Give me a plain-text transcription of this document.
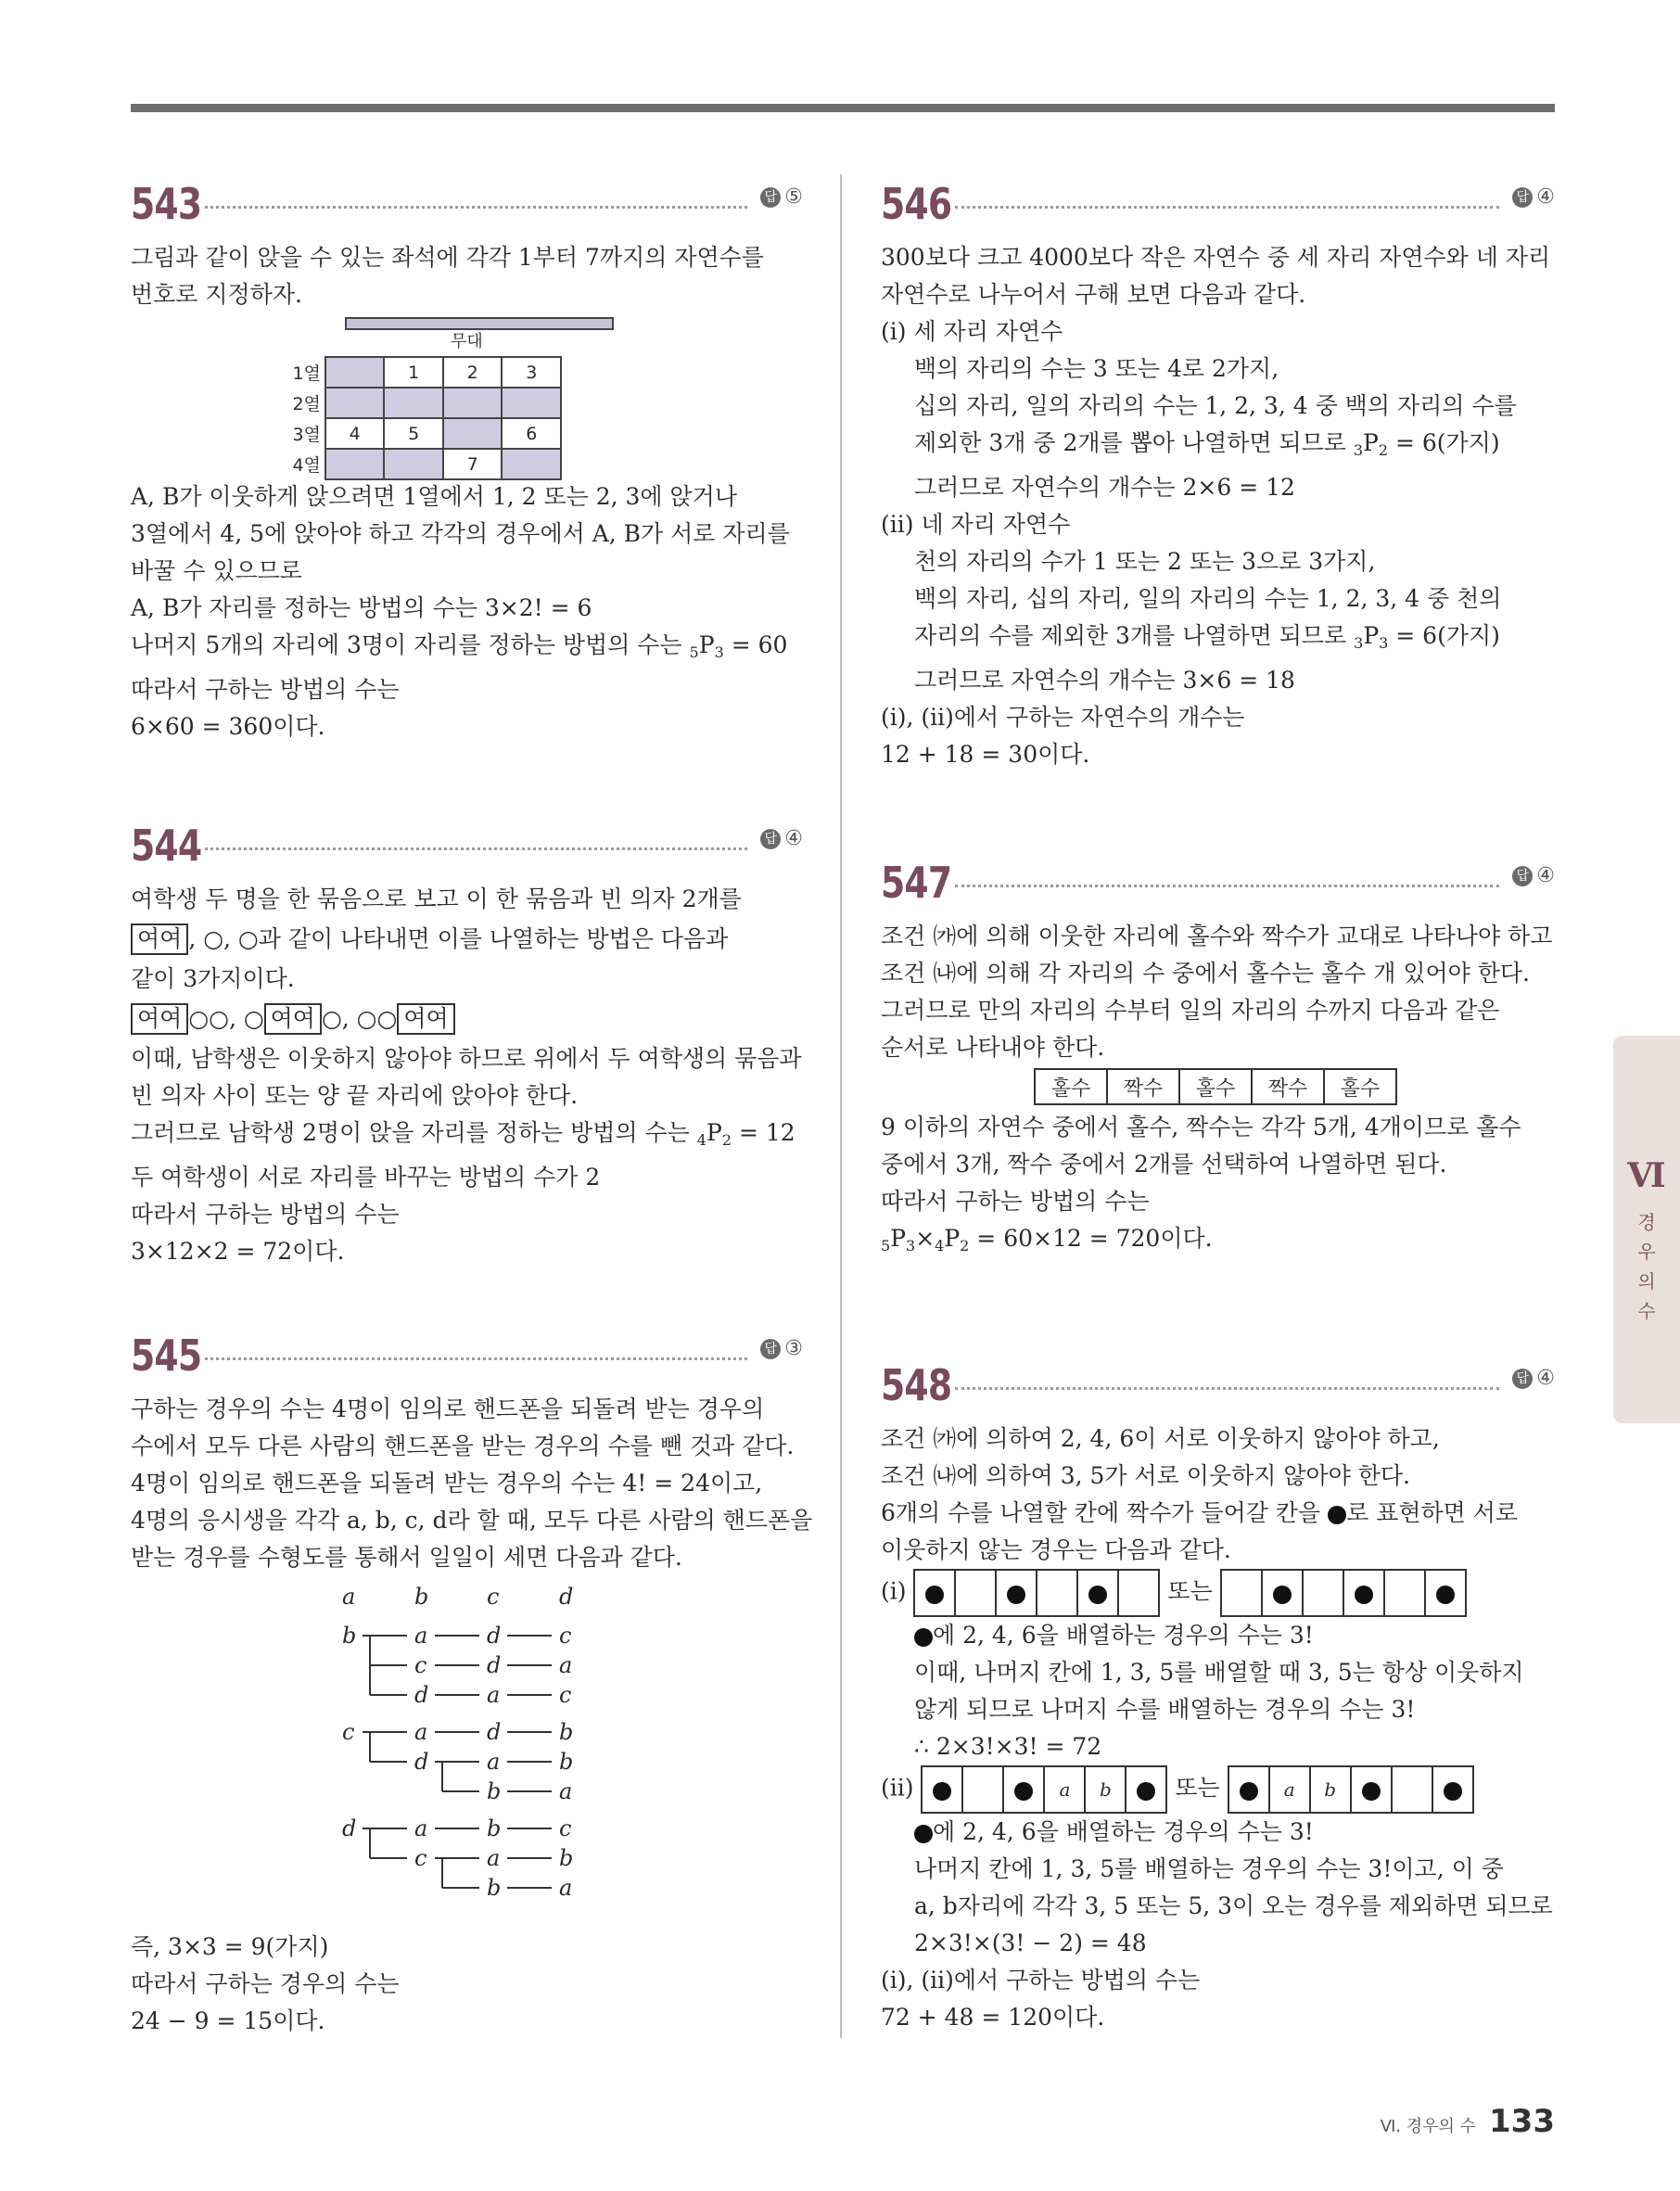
543	답 ⑤
그림과 같이 앉을 수 있는 좌석에 각각 1부터 7까지의 자연수를
번호로 지정하자.
무대
1열		1	2	3
2열				
3열	4	5		6
4열			7	
A, B가 이웃하게 앉으려면 1열에서 1, 2 또는 2, 3에 앉거나
3열에서 4, 5에 앉아야 하고 각각의 경우에서 A, B가 서로 자리를
바꿀 수 있으므로
A, B가 자리를 정하는 방법의 수는 3×2! = 6
나머지 5개의 자리에 3명이 자리를 정하는 방법의 수는 $_5P_3 = 60$
따라서 구하는 방법의 수는
6×60 = 360이다.
544	답 ④
여학생 두 명을 한 묶음으로 보고 이 한 묶음과 빈 의자 2개를
여여 , ○, ○과 같이 나타내면 이를 나열하는 방법은 다음과
같이 3가지이다.
여여 ○○, ○ 여여 ○, ○○ 여여
이때, 남학생은 이웃하지 않아야 하므로 위에서 두 여학생의 묶음과
빈 의자 사이 또는 양 끝 자리에 앉아야 한다.
그러므로 남학생 2명이 앉을 자리를 정하는 방법의 수는 $_4P_2 = 12$
두 여학생이 서로 자리를 바꾸는 방법의 수가 2
따라서 구하는 방법의 수는
3×12×2 = 72이다.
545	답 ③
구하는 경우의 수는 4명이 임의로 핸드폰을 되돌려 받는 경우의
수에서 모두 다른 사람의 핸드폰을 받는 경우의 수를 뺀 것과 같다.
4명이 임의로 핸드폰을 되돌려 받는 경우의 수는 4! = 24이고,
4명의 응시생을 각각 a, b, c, d라 할 때, 모두 다른 사람의 핸드폰을
받는 경우를 수형도를 통해서 일일이 세면 다음과 같다.
a	b	c	d
b	a	d	c
c	d	a
d	a	c
c	a	d	b
d	a	b
b	a
d	a	b	c
c	a	b
b	a
즉, 3×3 = 9(가지)
따라서 구하는 경우의 수는
24 − 9 = 15이다.
546	답 ④
300보다 크고 4000보다 작은 자연수 중 세 자리 자연수와 네 자리
자연수로 나누어서 구해 보면 다음과 같다.
(ⅰ) 세 자리 자연수
백의 자리의 수는 3 또는 4로 2가지,
십의 자리, 일의 자리의 수는 1, 2, 3, 4 중 백의 자리의 수를
제외한 3개 중 2개를 뽑아 나열하면 되므로 $_3P_2 = 6$(가지)
그러므로 자연수의 개수는 2×6 = 12
(ⅱ) 네 자리 자연수
천의 자리의 수가 1 또는 2 또는 3으로 3가지,
백의 자리, 십의 자리, 일의 자리의 수는 1, 2, 3, 4 중 천의
자리의 수를 제외한 3개를 나열하면 되므로 $_3P_3 = 6$(가지)
그러므로 자연수의 개수는 3×6 = 18
(ⅰ), (ⅱ)에서 구하는 자연수의 개수는
12 + 18 = 30이다.
547	답 ④
조건 ㈎에 의해 이웃한 자리에 홀수와 짝수가 교대로 나타나야 하고
조건 ㈏에 의해 각 자리의 수 중에서 홀수는 홀수 개 있어야 한다.
그러므로 만의 자리의 수부터 일의 자리의 수까지 다음과 같은
순서로 나타내야 한다.
홀수	짝수	홀수	짝수	홀수
9 이하의 자연수 중에서 홀수, 짝수는 각각 5개, 4개이므로 홀수
중에서 3개, 짝수 중에서 2개를 선택하여 나열하면 된다.
따라서 구하는 방법의 수는
$_5P_3\times_4P_2 = 60\times 12 = 720$이다.
548	답 ④
조건 ㈎에 의하여 2, 4, 6이 서로 이웃하지 않아야 하고,
조건 ㈏에 의하여 3, 5가 서로 이웃하지 않아야 한다.
6개의 수를 나열할 칸에 짝수가 들어갈 칸을 로 표현하면 서로
이웃하지 않는 경우는 다음과 같다.
(ⅰ)						또는					
에 2, 4, 6을 배열하는 경우의 수는 3!
이때, 나머지 칸에 1, 3, 5를 배열할 때 3, 5는 항상 이웃하지
않게 되므로 나머지 수를 배열하는 경우의 수는 3!
∴ 2×3!×3! = 72
(ⅱ)				a	b		또는		a	b			
에 2, 4, 6을 배열하는 경우의 수는 3!
나머지 칸에 1, 3, 5를 배열하는 경우의 수는 3!이고, 이 중
a, b자리에 각각 3, 5 또는 5, 3이 오는 경우를 제외하면 되므로
2×3!×(3! − 2) = 48
(ⅰ), (ⅱ)에서 구하는 방법의 수는
72 + 48 = 120이다.
Ⅵ
경
우
의
수
Ⅵ. 경우의 수 133
